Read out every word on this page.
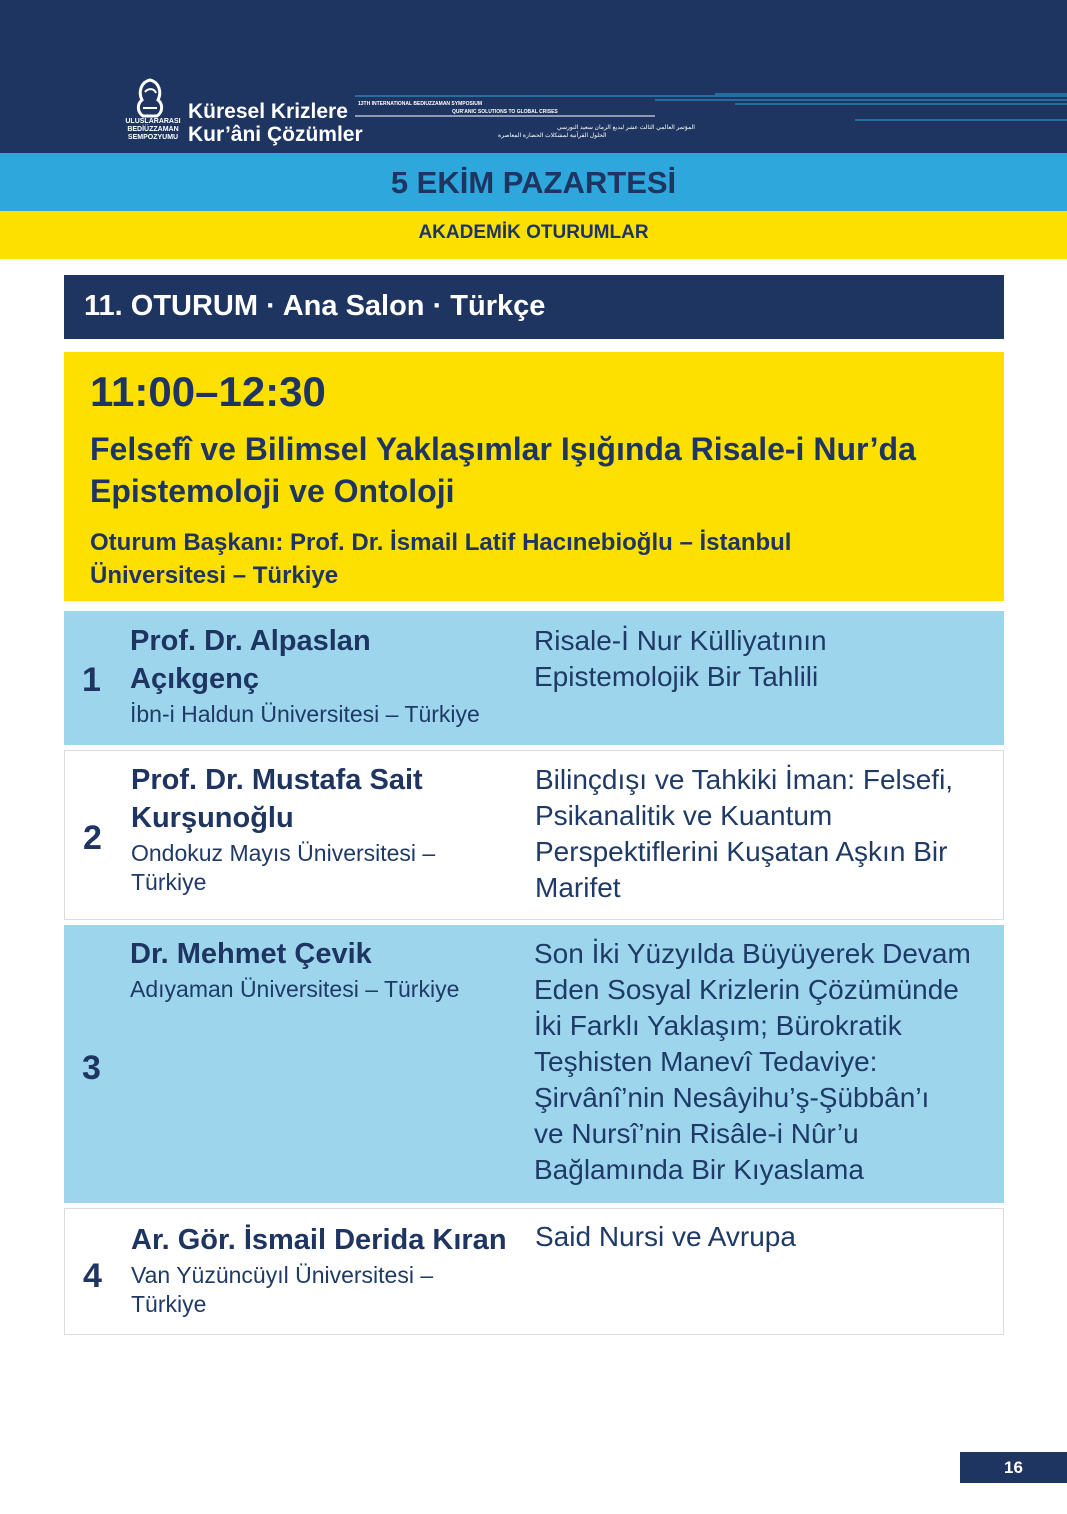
ULUSLARARASI
BEDİÜZZAMAN
SEMPOZYUMU
Küresel Krizlere
Kur’âni Çözümler
13TH INTERNATIONAL BEDIUZZAMAN SYMPOSIUM
QUR'ANIC SOLUTIONS TO GLOBAL CRISES
المؤتمر العالمي الثالث عشر لبديع الزمان سعيد النورسي
الحلول القرآنية لمشكلات الحضارة المعاصرة
5 EKİM PAZARTESİ
AKADEMİK OTURUMLAR
11. OTURUM · Ana Salon · Türkçe
11:00–12:30
Felsefî ve Bilimsel Yaklaşımlar Işığında Risale-i Nur’da
Epistemoloji ve Ontoloji
Oturum Başkanı: Prof. Dr. İsmail Latif Hacınebioğlu – İstanbul
Üniversitesi – Türkiye
1
Prof. Dr. Alpaslan
Açıkgenç
İbn-i Haldun Üniversitesi – Türkiye
Risale-İ Nur Külliyatının
Epistemolojik Bir Tahlili
2
Prof. Dr. Mustafa Sait
Kurşunoğlu
Ondokuz Mayıs Üniversitesi –
Türkiye
Bilinçdışı ve Tahkiki İman: Felsefi,
Psikanalitik ve Kuantum
Perspektiflerini Kuşatan Aşkın Bir
Marifet
3
Dr. Mehmet Çevik
Adıyaman Üniversitesi – Türkiye
Son İki Yüzyılda Büyüyerek Devam
Eden Sosyal Krizlerin Çözümünde
İki Farklı Yaklaşım; Bürokratik
Teşhisten Manevî Tedaviye:
Şirvânî’nin Nesâyihu’ş-Şübbân’ı
ve Nursî’nin Risâle-i Nûr’u
Bağlamında Bir Kıyaslama
4
Ar. Gör. İsmail Derida Kıran
Van Yüzüncüyıl Üniversitesi –
Türkiye
Said Nursi ve Avrupa
16
